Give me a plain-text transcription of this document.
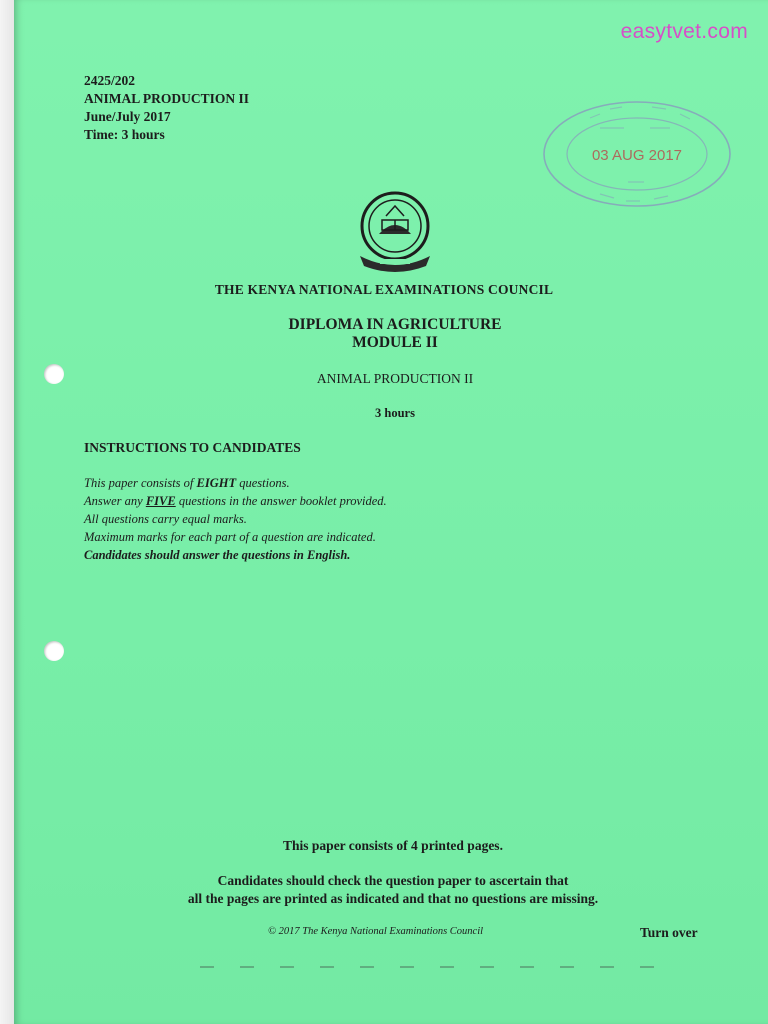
easytvet.com
2425/202
ANIMAL PRODUCTION II
June/July 2017
Time: 3 hours
03 AUG 2017
THE KENYA NATIONAL EXAMINATIONS COUNCIL
DIPLOMA IN AGRICULTURE
MODULE II
ANIMAL PRODUCTION II
3 hours
INSTRUCTIONS TO CANDIDATES
This paper consists of EIGHT questions.
Answer any FIVE questions in the answer booklet provided.
All questions carry equal marks.
Maximum marks for each part of a question are indicated.
Candidates should answer the questions in English.
This paper consists of 4 printed pages.
Candidates should check the question paper to ascertain that
all the pages are printed as indicated and that no questions are missing.
© 2017 The Kenya National Examinations Council	Turn over
